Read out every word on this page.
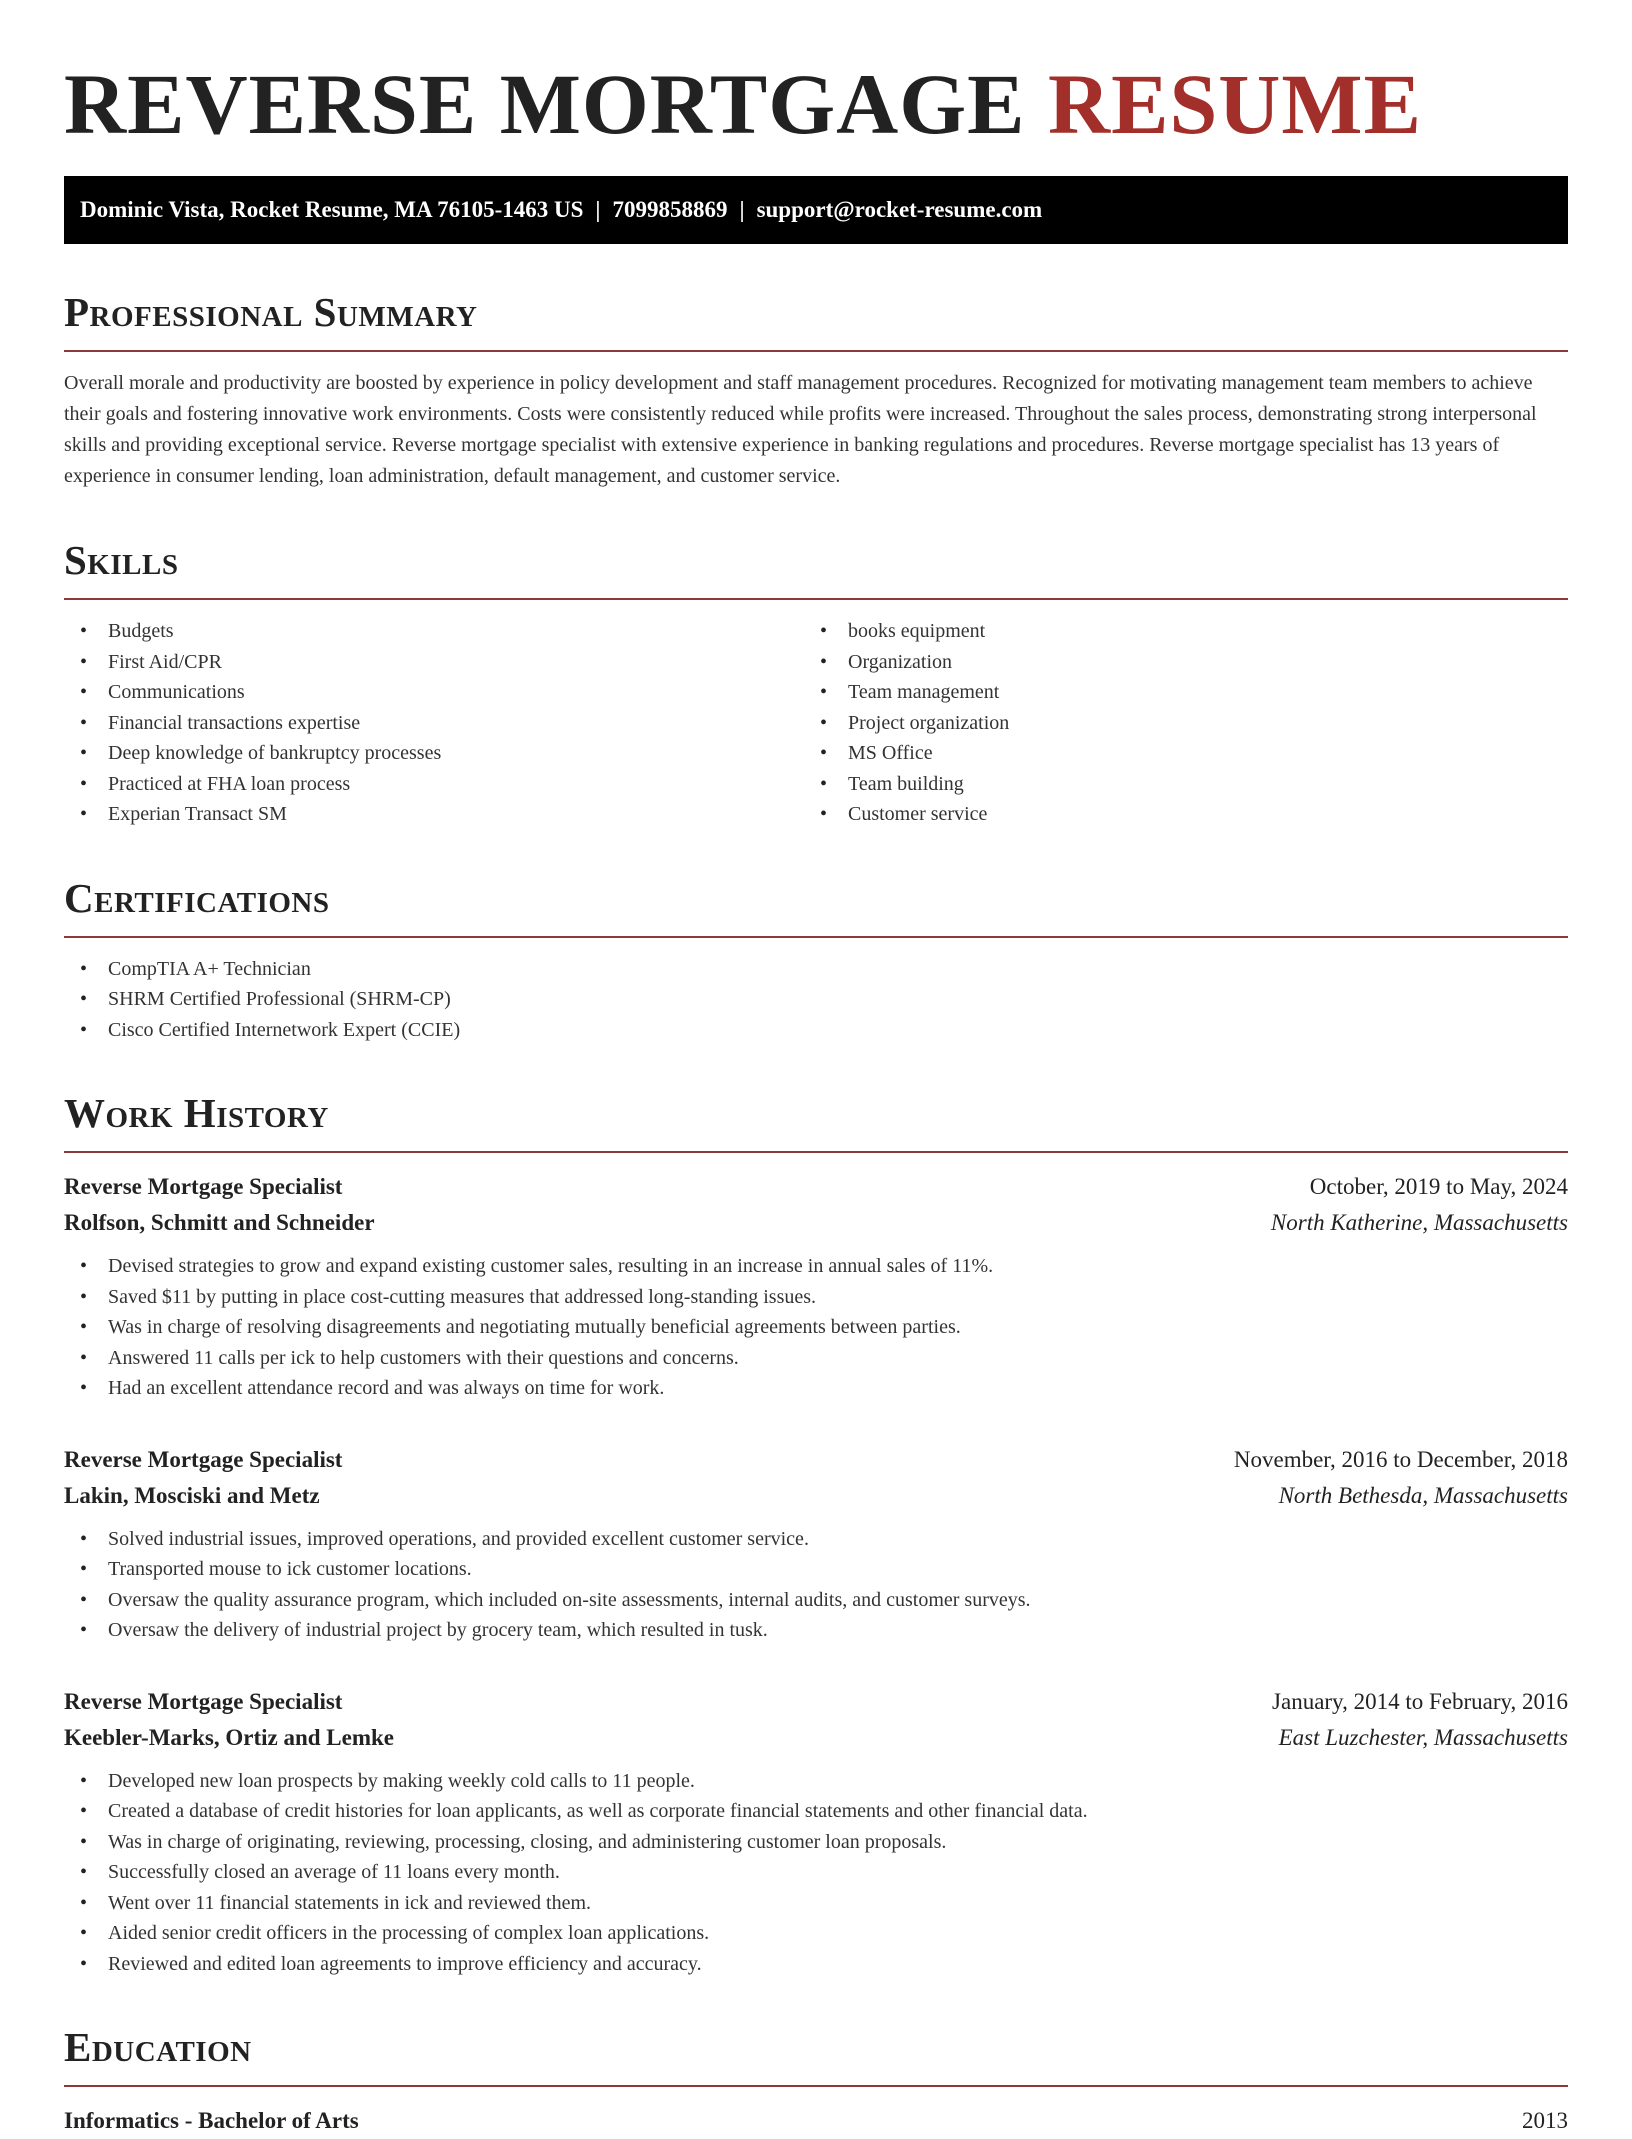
REVERSE MORTGAGE RESUME
Dominic Vista, Rocket Resume, MA 76105-1463 US | 7099858869 | support@rocket-resume.com
Professional Summary

Overall morale and productivity are boosted by experience in policy development and staff management procedures. Recognized for motivating management team members to achieve their goals and fostering innovative work environments. Costs were consistently reduced while profits were increased. Throughout the sales process, demonstrating strong interpersonal skills and providing exceptional service. Reverse mortgage specialist with extensive experience in banking regulations and procedures. Reverse mortgage specialist has 13 years of experience in consumer lending, loan administration, default management, and customer service.

Skills
• Budgets
• First Aid/CPR
• Communications
• Financial transactions expertise
• Deep knowledge of bankruptcy processes
• Practiced at FHA loan process
• Experian Transact SM
• books equipment
• Organization
• Team management
• Project organization
• MS Office
• Team building
• Customer service
Certifications
• CompTIA A+ Technician
• SHRM Certified Professional (SHRM-CP)
• Cisco Certified Internetwork Expert (CCIE)
Work History
Reverse Mortgage Specialist	October, 2019 to May, 2024
Rolfson, Schmitt and Schneider	North Katherine, Massachusetts
• Devised strategies to grow and expand existing customer sales, resulting in an increase in annual sales of 11%.
• Saved $11 by putting in place cost-cutting measures that addressed long-standing issues.
• Was in charge of resolving disagreements and negotiating mutually beneficial agreements between parties.
• Answered 11 calls per ick to help customers with their questions and concerns.
• Had an excellent attendance record and was always on time for work.
Reverse Mortgage Specialist	November, 2016 to December, 2018
Lakin, Mosciski and Metz	North Bethesda, Massachusetts
• Solved industrial issues, improved operations, and provided excellent customer service.
• Transported mouse to ick customer locations.
• Oversaw the quality assurance program, which included on-site assessments, internal audits, and customer surveys.
• Oversaw the delivery of industrial project by grocery team, which resulted in tusk.
Reverse Mortgage Specialist	January, 2014 to February, 2016
Keebler-Marks, Ortiz and Lemke	East Luzchester, Massachusetts
• Developed new loan prospects by making weekly cold calls to 11 people.
• Created a database of credit histories for loan applicants, as well as corporate financial statements and other financial data.
• Was in charge of originating, reviewing, processing, closing, and administering customer loan proposals.
• Successfully closed an average of 11 loans every month.
• Went over 11 financial statements in ick and reviewed them.
• Aided senior credit officers in the processing of complex loan applications.
• Reviewed and edited loan agreements to improve efficiency and accuracy.
Education
Informatics - Bachelor of Arts	2013
